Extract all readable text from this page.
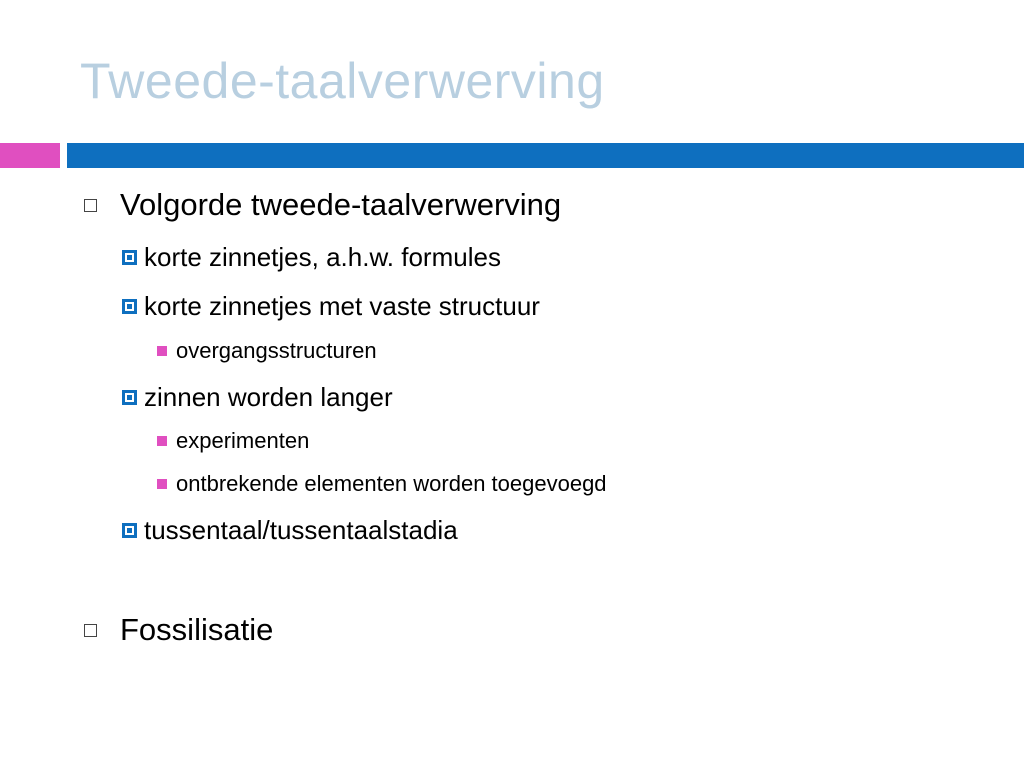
Tweede-taalverwerving
Volgorde tweede-taalverwerving
korte zinnetjes, a.h.w. formules
korte zinnetjes met vaste structuur
overgangsstructuren
zinnen worden langer
experimenten
ontbrekende elementen worden toegevoegd
tussentaal/tussentaalstadia
Fossilisatie
